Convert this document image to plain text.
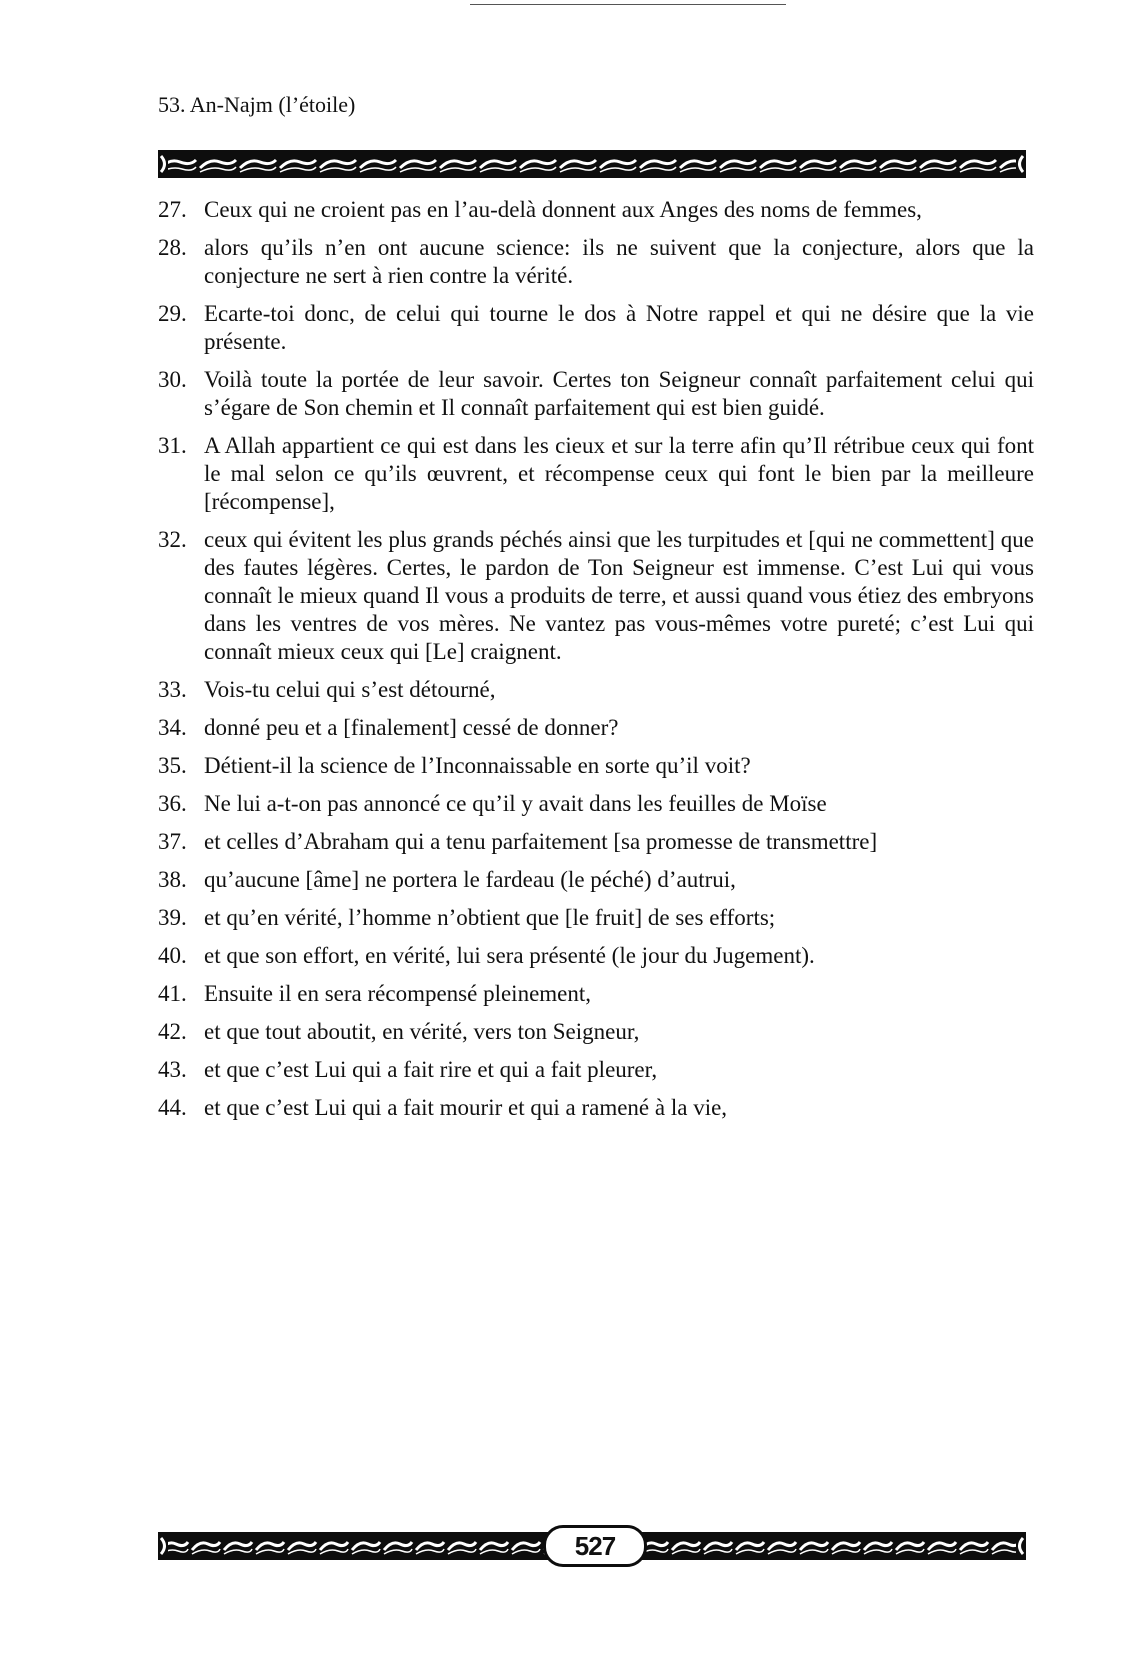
53. An-Najm (l’étoile)
27. Ceux qui ne croient pas en l’au-delà donnent aux Anges des noms de femmes,
28. alors qu’ils n’en ont aucune science: ils ne suivent que la conjecture, alors que la conjecture ne sert à rien contre la vérité.
29. Ecarte-toi donc, de celui qui tourne le dos à Notre rappel et qui ne désire que la vie présente.
30. Voilà toute la portée de leur savoir. Certes ton Seigneur connaît parfaitement celui qui s’égare de Son chemin et Il connaît parfaitement qui est bien guidé.
31. A Allah appartient ce qui est dans les cieux et sur la terre afin qu’Il rétribue ceux qui font le mal selon ce qu’ils œuvrent, et récompense ceux qui font le bien par la meilleure [récompense],
32. ceux qui évitent les plus grands péchés ainsi que les turpitudes et [qui ne commettent] que des fautes légères. Certes, le pardon de Ton Seigneur est immense. C’est Lui qui vous connaît le mieux quand Il vous a produits de terre, et aussi quand vous étiez des embryons dans les ventres de vos mères. Ne vantez pas vous-mêmes votre pureté; c’est Lui qui connaît mieux ceux qui [Le] craignent.
33. Vois-tu celui qui s’est détourné,
34. donné peu et a [finalement] cessé de donner?
35. Détient-il la science de l’Inconnaissable en sorte qu’il voit?
36. Ne lui a-t-on pas annoncé ce qu’il y avait dans les feuilles de Moïse
37. et celles d’Abraham qui a tenu parfaitement [sa promesse de transmettre]
38. qu’aucune [âme] ne portera le fardeau (le péché) d’autrui,
39. et qu’en vérité, l’homme n’obtient que [le fruit] de ses efforts;
40. et que son effort, en vérité, lui sera présenté (le jour du Jugement).
41. Ensuite il en sera récompensé pleinement,
42. et que tout aboutit, en vérité, vers ton Seigneur,
43. et que c’est Lui qui a fait rire et qui a fait pleurer,
44. et que c’est Lui qui a fait mourir et qui a ramené à la vie,
527
